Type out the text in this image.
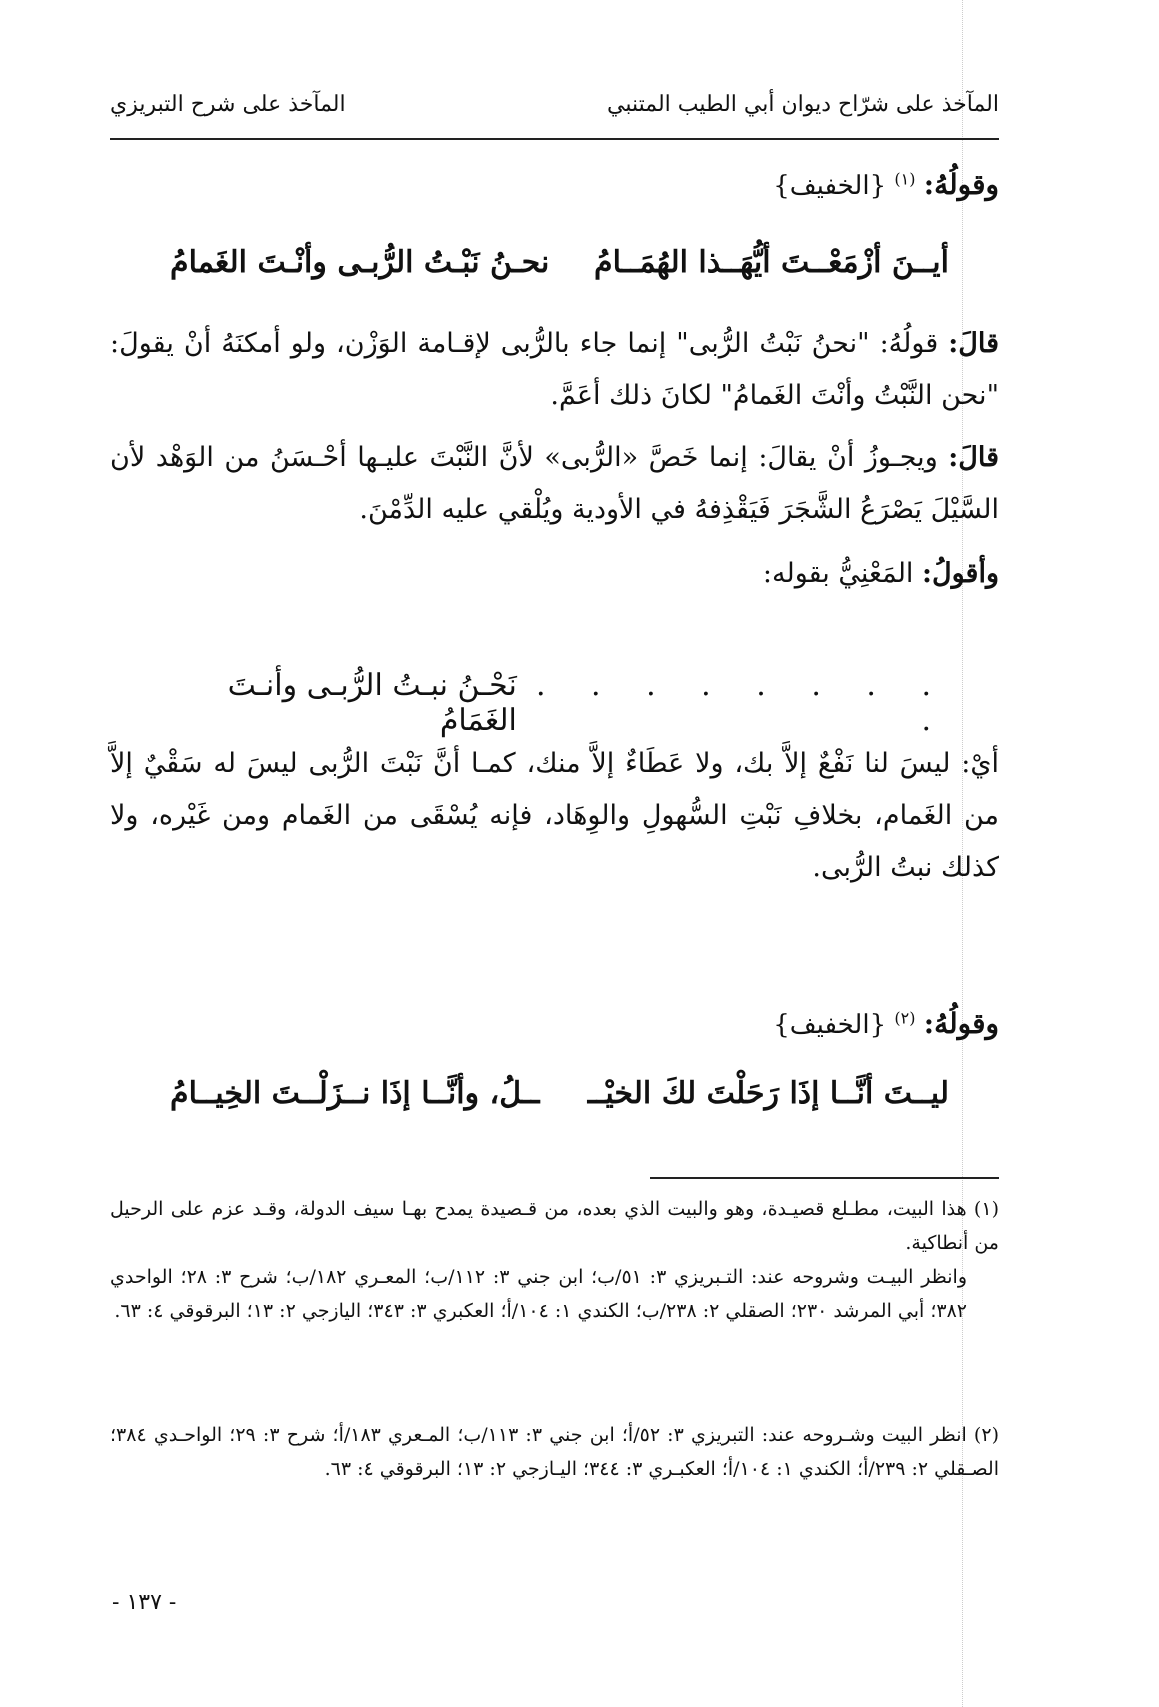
المآخذ على شرّاح ديوان أبي الطيب المتنبي
المآخذ على شرح التبريزي
وقولُهُ: $^{(١)}$ {الخفيف}
أيــنَ أزْمَعْــتَ أيُّهَــذا الهُمَــامُ
نحـنُ نَبْـتُ الرُّبـى وأنْـتَ الغَمامُ
قالَ: قولُهُ: "نحنُ نَبْتُ الرُّبى" إنما جاء بالرُّبى لإقـامة الوَزْن، ولو أمكنَهُ أنْ يقولَ: "نحن النَّبْتُ وأنْتَ الغَمامُ" لكانَ ذلك أعَمَّ.
قالَ: ويجـوزُ أنْ يقالَ: إنما خَصَّ «الرُّبى» لأنَّ النَّبْتَ عليـها أحْـسَنُ من الوَهْد لأن السَّيْلَ يَصْرَعُ الشَّجَرَ فَيَقْذِفهُ في الأودية ويُلْقي عليه الدِّمْنَ.
وأقولُ: المَعْنِيُّ بقوله:
. . . . . . . . .
نَحْـنُ نبـتُ الرُّبـى وأنـتَ الغَمَامُ
أيْ: ليسَ لنا نَفْعٌ إلاَّ بك، ولا عَطَاءٌ إلاَّ منك، كمـا أنَّ نَبْتَ الرُّبى ليسَ له سَقْيٌ إلاَّ من الغَمام، بخلافِ نَبْتِ السُّهولِ والوِهَاد، فإنه يُسْقَى من الغَمام ومن غَيْره، ولا كذلك نبتُ الرُّبى.
وقولُهُ: $^{(٢)}$ {الخفيف}
ليــتَ أنَّــا إذَا رَحَلْتَ لكَ الخيْــ
ــلُ، وأنَّــا إذَا نــزَلْــتَ الخِيــامُ
(١) هذا البيت، مطـلع قصيـدة، وهو والبيت الذي بعده، من قـصيدة يمدح بهـا سيف الدولة، وقـد عزم على الرحيل من أنطاكية.
وانظر البيـت وشروحه عند: التـبريزي ٣: ٥١/ب؛ ابن جني ٣: ١١٢/ب؛ المعـري ١٨٢/ب؛ شرح ٣: ٢٨؛ الواحدي ٣٨٢؛ أبي المرشد ٢٣٠؛ الصقلي ٢: ٢٣٨/ب؛ الكندي ١: ١٠٤/أ؛ العكبري ٣: ٣٤٣؛ اليازجي ٢: ١٣؛ البرقوقي ٤: ٦٣.
(٢) انظر البيت وشـروحه عند: التبريزي ٣: ٥٢/أ؛ ابن جني ٣: ١١٣/ب؛ المـعري ١٨٣/أ؛ شرح ٣: ٢٩؛ الواحـدي ٣٨٤؛ الصـقلي ٢: ٢٣٩/أ؛ الكندي ١: ١٠٤/أ؛ العكبـري ٣: ٣٤٤؛ اليـازجي ٢: ١٣؛ البرقوقي ٤: ٦٣.
- ١٣٧ -
